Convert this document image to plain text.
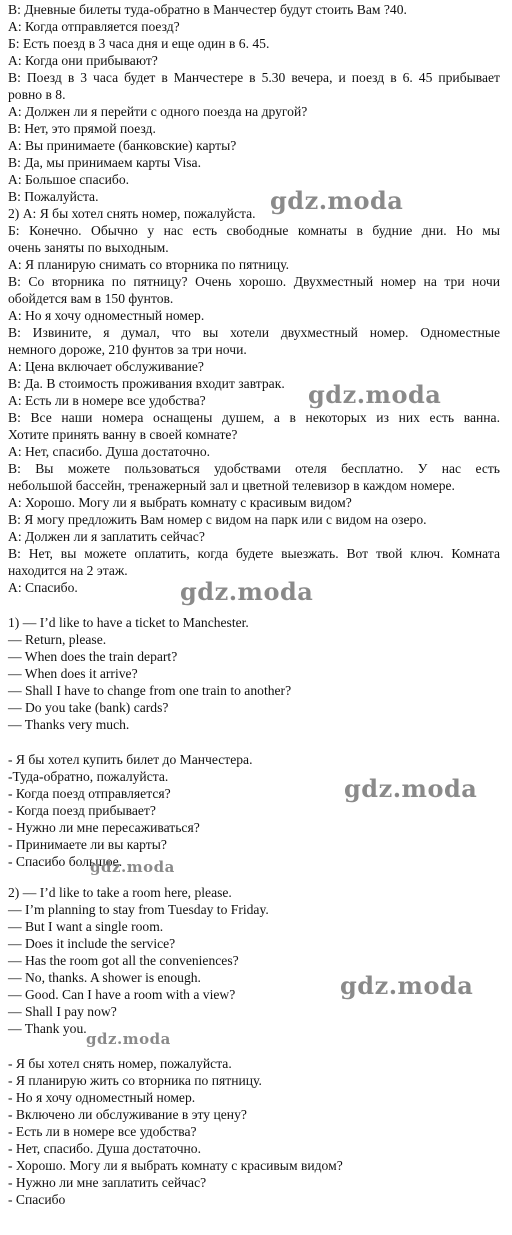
В: Дневные билеты туда-обратно в Манчестер будут стоить Вам ?40.
А: Когда отправляется поезд?
Б: Есть поезд в 3 часа дня и еще один в 6. 45.
А: Когда они прибывают?
В: Поезд в 3 часа будет в Манчестере в 5.30 вечера, и поезд в 6. 45 прибывает
ровно в 8.
А: Должен ли я перейти с одного поезда на другой?
В: Нет, это прямой поезд.
А: Вы принимаете (банковские) карты?
В: Да, мы принимаем карты Visa.
А: Большое спасибо.
В: Пожалуйста.
2) А: Я бы хотел снять номер, пожалуйста.
Б: Конечно. Обычно у нас есть свободные комнаты в будние дни. Но мы
очень заняты по выходным.
А: Я планирую снимать со вторника по пятницу.
В: Со вторника по пятницу? Очень хорошо. Двухместный номер на три ночи
обойдется вам в 150 фунтов.
А: Но я хочу одноместный номер.
В: Извините, я думал, что вы хотели двухместный номер. Одноместные
немного дороже, 210 фунтов за три ночи.
А: Цена включает обслуживание?
В: Да. В стоимость проживания входит завтрак.
А: Есть ли в номере все удобства?
В: Все наши номера оснащены душем, а в некоторых из них есть ванна.
Хотите принять ванну в своей комнате?
А: Нет, спасибо. Душа достаточно.
В: Вы можете пользоваться удобствами отеля бесплатно. У нас есть
небольшой бассейн, тренажерный зал и цветной телевизор в каждом номере.
А: Хорошо. Могу ли я выбрать комнату с красивым видом?
В: Я могу предложить Вам номер с видом на парк или с видом на озеро.
А: Должен ли я заплатить сейчас?
В: Нет, вы можете оплатить, когда будете выезжать. Вот твой ключ. Комната
находится на 2 этаж.
А: Спасибо.
1) — I’d like to have a ticket to Manchester.
— Return, please.
— When does the train depart?
— When does it arrive?
— Shall I have to change from one train to another?
— Do you take (bank) cards?
— Thanks very much.
- Я бы хотел купить билет до Манчестера.
-Туда-обратно, пожалуйста.
- Когда поезд отправляется?
- Когда поезд прибывает?
- Нужно ли мне пересаживаться?
- Принимаете ли вы карты?
- Спасибо большое.
2) — I’d like to take a room here, please.
— I’m planning to stay from Tuesday to Friday.
— But I want a single room.
— Does it include the service?
— Has the room got all the conveniences?
— No, thanks. A shower is enough.
— Good. Can I have a room with a view?
— Shall I pay now?
— Thank you.
- Я бы хотел снять номер, пожалуйста.
- Я планирую жить со вторника по пятницу.
- Но я хочу одноместный номер.
- Включено ли обслуживание в эту цену?
- Есть ли в номере все удобства?
- Нет, спасибо. Душа достаточно.
- Хорошо. Могу ли я выбрать комнату с красивым видом?
- Нужно ли мне заплатить сейчас?
- Спасибо
gdz.moda
gdz.moda
gdz.moda
gdz.moda
gdz.moda
gdz.moda
gdz.moda
